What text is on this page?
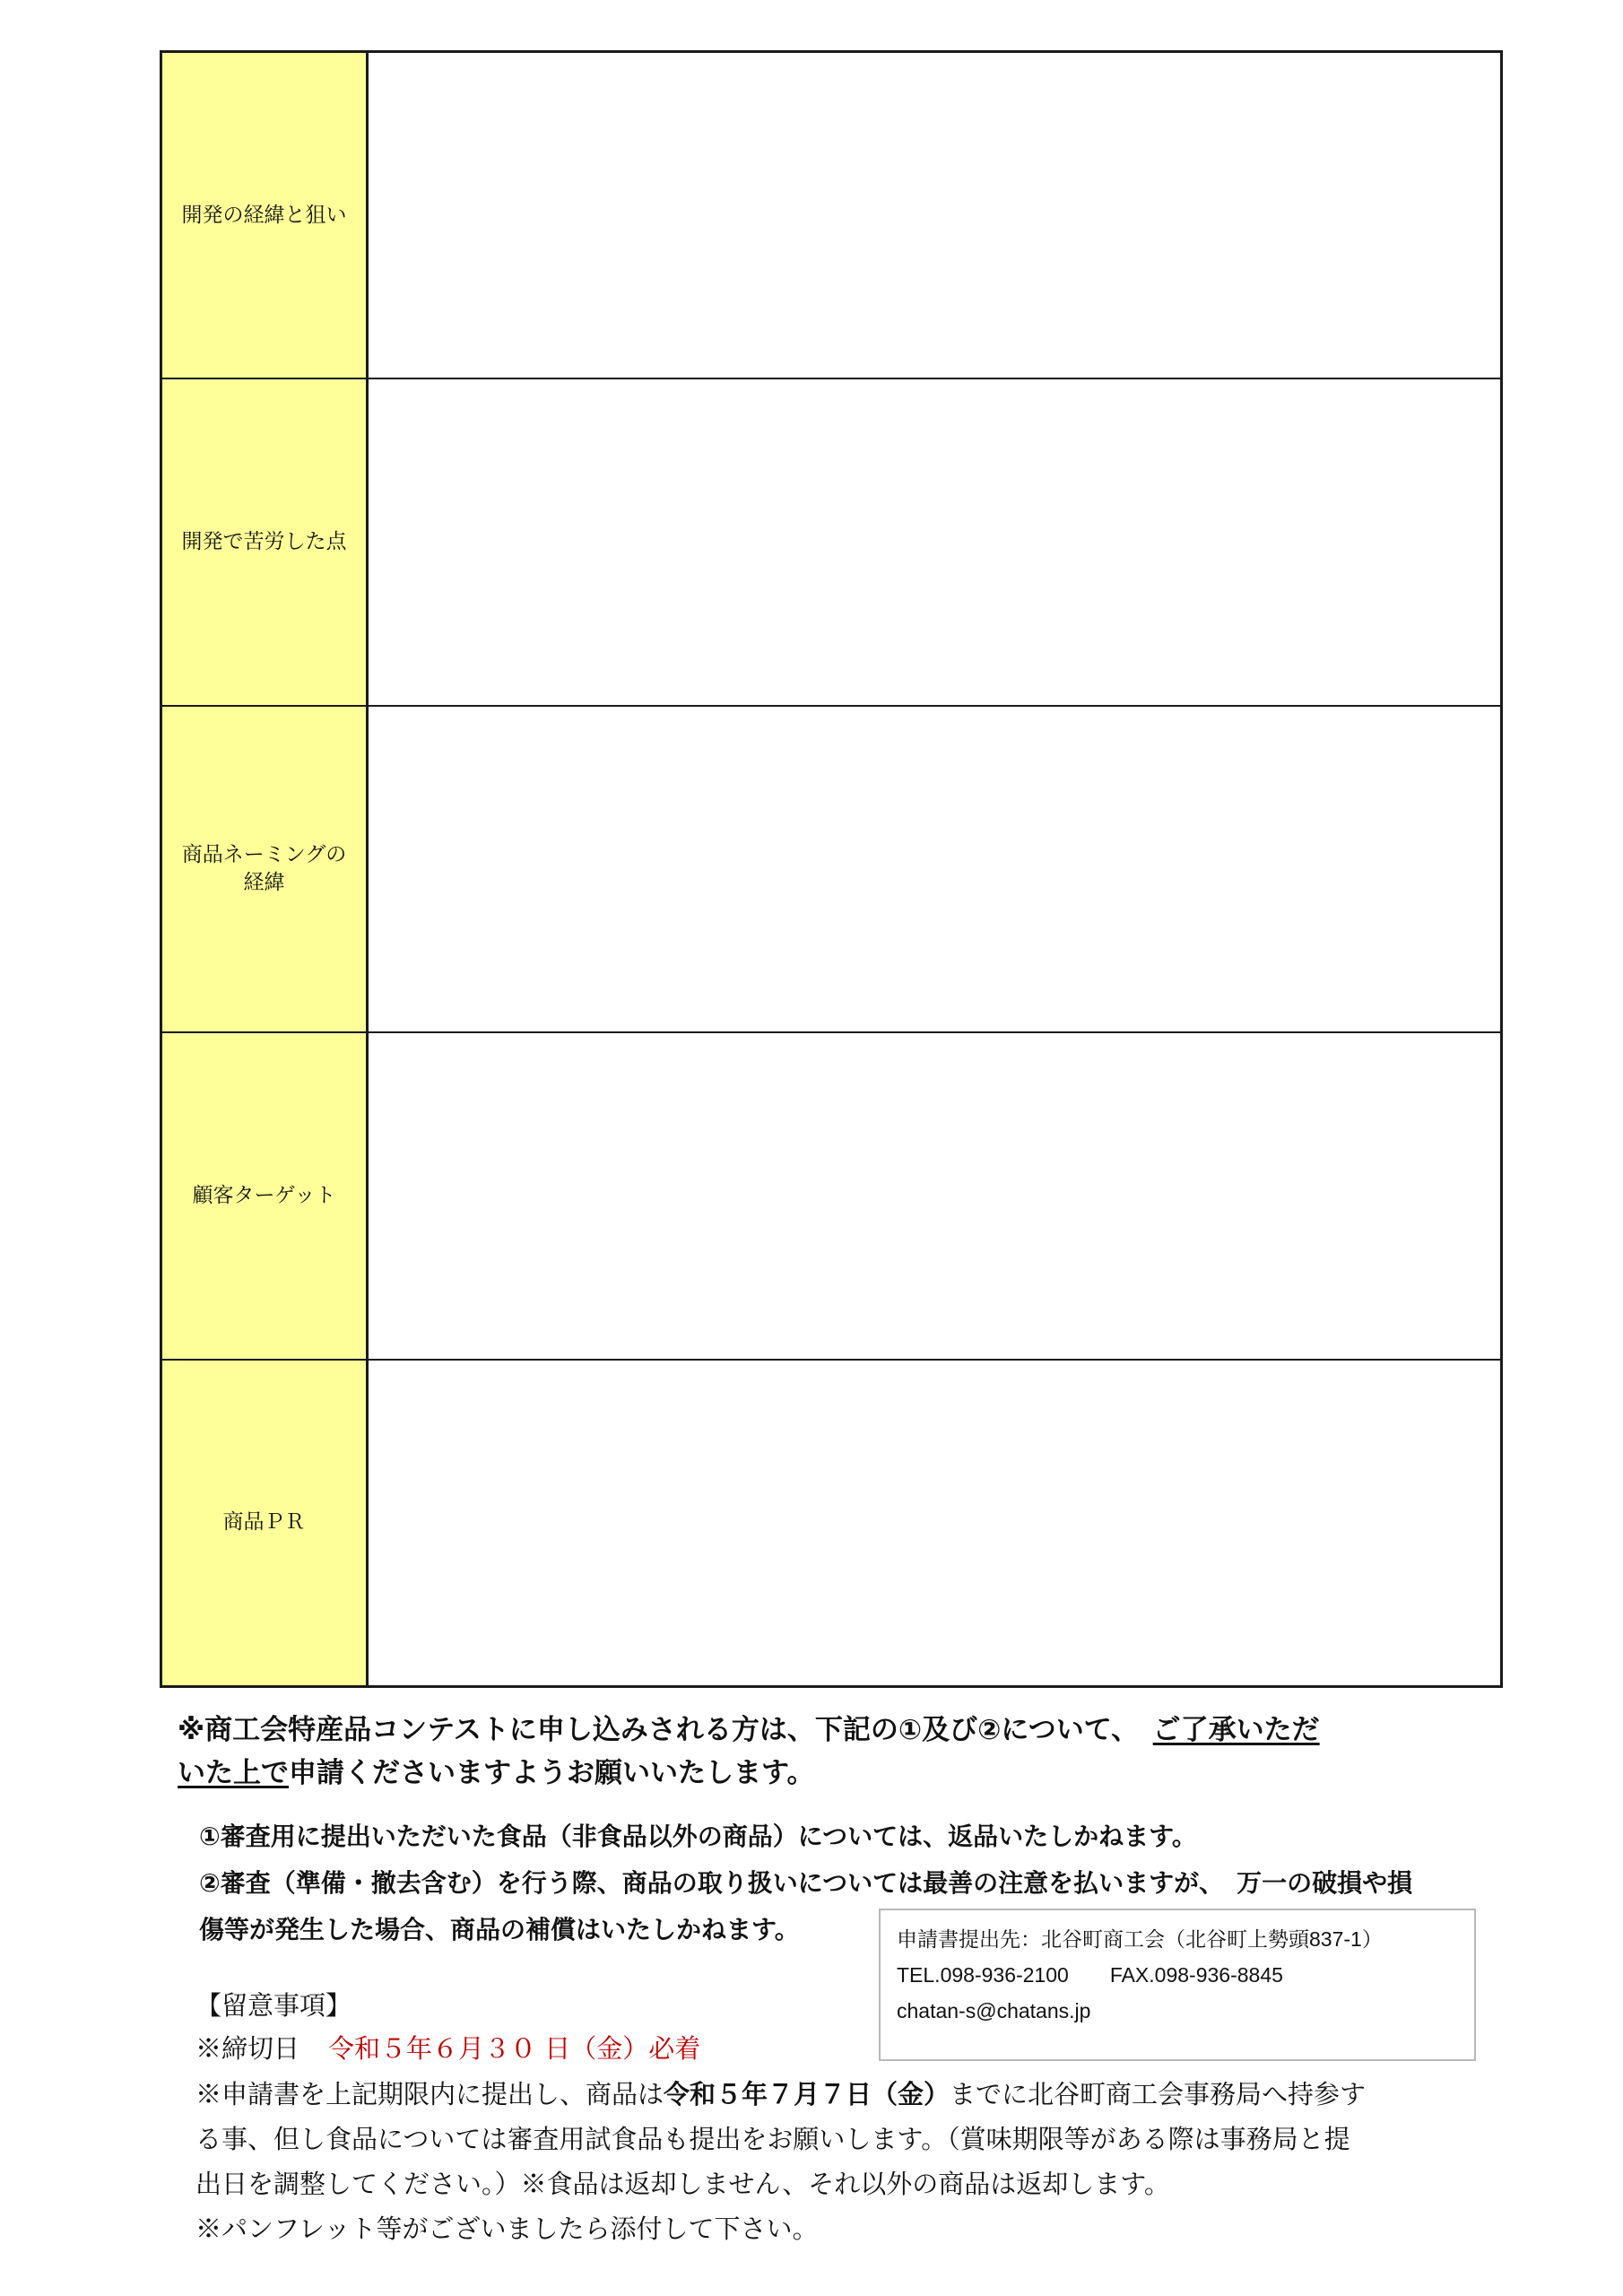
開発の経緯と狙い
開発で苦労した点
商品ネーミングの
経緯
顧客ターゲット
商品ＰＲ
※商工会特産品コンテストに申し込みされる方は、下記の①及び②について、　ご了承いただ
いた上で申請くださいますようお願いいたします。

①審査用に提出いただいた食品（非食品以外の商品）については、返品いたしかねます。

②審査（準備・撤去含む）を行う際、商品の取り扱いについては最善の注意を払いますが、　万一の破損や損

傷等が発生した場合、商品の補償はいたしかねます。	申請書提出先：北谷町商工会（北谷町上勢頭837-1）
TEL.098-936-2100 FAX.098-936-8845
chatan-s@chatans.jp

【留意事項】

※締切日 令和５年６月３０ 日（金）必着

※申請書を上記期限内に提出し、商品は令和５年７月７日（金）までに北谷町商工会事務局へ持参す

る事、但し食品については審査用試食品も提出をお願いします。（賞味期限等がある際は事務局と提

出日を調整してください。）※食品は返却しません、それ以外の商品は返却します。

※パンフレット等がございましたら添付して下さい。
